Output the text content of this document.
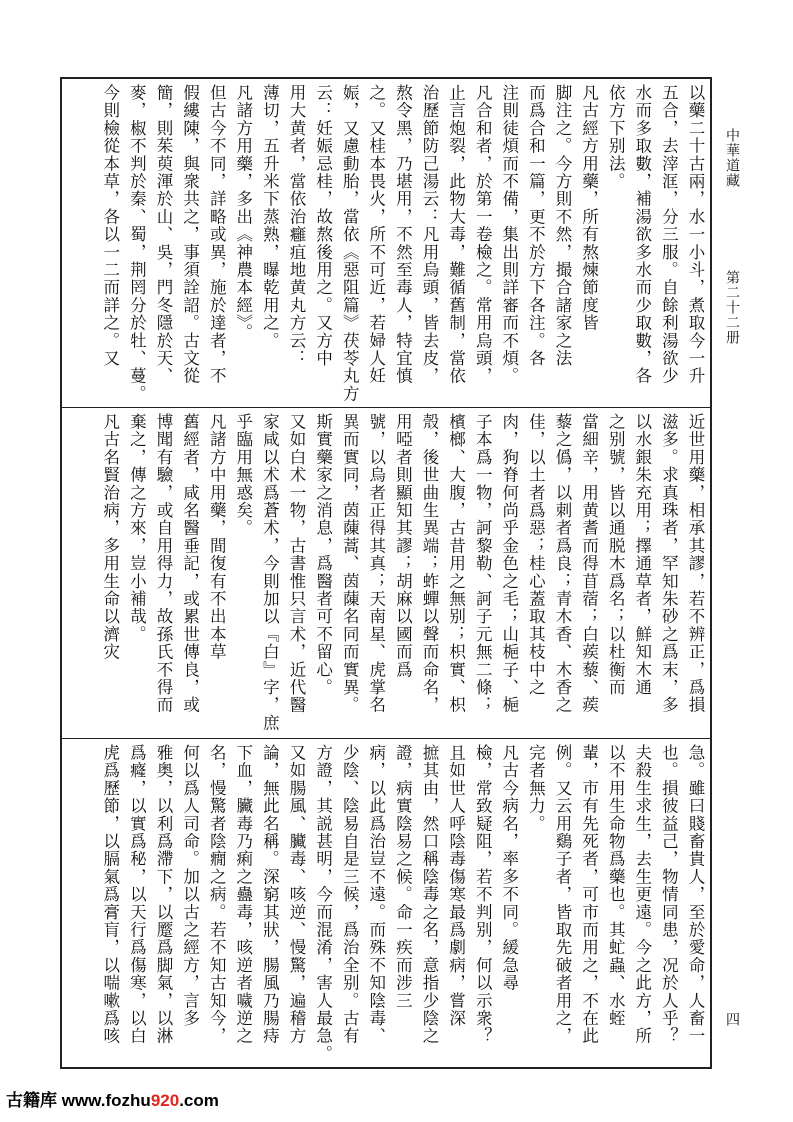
中華道藏
第二十二册
四
以藥二十古兩，水一小斗，煮取今一升
五合，去滓洭，分三服。自餘利湯欲少
水而多取數，補湯欲多水而少取數，各
依方下别法。
凡古經方用藥，所有熬煉節度皆
脚注之。今方則不然，撮合諸家之法
而爲合和一篇，更不於方下各注。各
注則徒煩而不備，集出則詳審而不煩。
凡合和者，於第一卷檢之。常用烏頭，
止言炮裂，此物大毒，難循舊制，當依
治歷節防己湯云：凡用烏頭，皆去皮，
熬令黑，乃堪用，不然至毒人，特宜慎
之。又桂本畏火，所不可近，若婦人妊
娠，又慮動胎，當依《惡阻篇》茯苓丸方
云：妊娠忌桂，故熬後用之。又方中
用大黄者，當依治癰疽地黄丸方云：
薄切，五升米下蒸熟，曝乾用之。
凡諸方用藥，多出《神農本經》。
但古今不同，詳略或異，施於達者，不
假縷陳，與衆共之，事須詮詔。古文從
簡，則茱萸渾於山、吳，門冬隱於天、
麥，椒不判於秦、蜀，荆罔分於牡、蔓。
今則檢從本草，各以一二而詳之。又
近世用藥，相承其謬，若不辨正，爲損
滋多。求真珠者，罕知朱砂之爲末，多
以水銀朱充用；擇通草者，鮮知木通
之别號，皆以通脱木爲名；以杜衡而
當細辛，用黄耆而得苜蓿；白蒺藜、蒺
藜之僞，以刺者爲良；青木香、木香之
佳，以土者爲惡；桂心蓋取其枝中之
肉，狗脊何尚乎金色之毛；山梔子、梔
子本爲一物，訶黎勒、訶子元無二條；
檳榔、大腹，古昔用之無别；枳實、枳
殼，後世曲生異端；蚱蟬以聲而命名，
用啞者則顯知其謬；胡麻以國而爲
號，以烏者正得其真；天南星、虎掌名
異而實同，茵蔯蒿、茵蔯名同而實異。
斯實藥家之消息，爲醫者可不留心。
又如白术一物，古書惟只言术，近代醫
家咸以术爲蒼术，今則加以『白』字，庶
乎臨用無惑矣。
凡諸方中用藥，間復有不出本草
舊經者，咸名醫垂記，或累世傳良，或
博聞有驗，或自用得力，故孫氏不得而
棄之，傳之方來，豈小補哉。
凡古名賢治病，多用生命以濟灾
急。雖曰賤畜貴人，至於愛命，人畜一
也。損彼益己，物情同患，况於人乎？
夫殺生求生，去生更遠。今之此方，所
以不用生命物爲藥也。其虻蟲、水蛭
輩，市有先死者，可市而用之，不在此
例。又云用鷄子者，皆取先破者用之，
完者無力。
凡古今病名，率多不同。緩急尋
檢，常致疑阻，若不判别，何以示衆？
且如世人呼陰毒傷寒最爲劇病，嘗深
摭其由，然口稱陰毒之名，意指少陰之
證，病實陰易之候。命一疾而涉三
病，以此爲治豈不遠。而殊不知陰毒、
少陰、陰易自是三候，爲治全别。古有
方證，其説甚明，今而混淆，害人最急。
又如腸風、臟毒、咳逆、慢驚，遍稽方
論，無此名稱。深窮其狀，腸風乃腸痔
下血，臟毒乃痢之蠱毒，咳逆者噦逆之
名，慢驚者陰癇之病。若不知古知今，
何以爲人司命。加以古之經方，言多
雅奥，以利爲滯下，以蹷爲脚氣，以淋
爲癃，以實爲秘，以天行爲傷寒，以白
虎爲歷節，以膈氣爲膏肓，以喘嗽爲咳
古籍库 www.fozhu920.com
